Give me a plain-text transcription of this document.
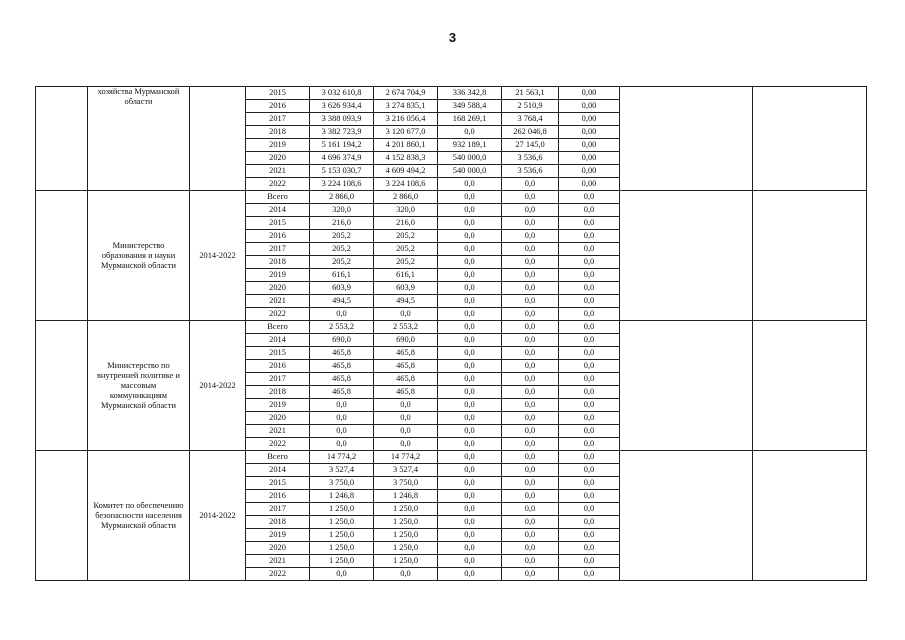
3
	хозяйства Мурманской области		2015	3 032 610,8	2 674 704,9	336 342,8	21 563,1	0,00		
			2016	3 626 934,4	3 274 835,1	349 588,4	2 510,9	0,00		
			2017	3 388 093,9	3 216 056,4	168 269,1	3 768,4	0,00		
			2018	3 382 723,9	3 120 677,0	0,0	262 046,8	0,00		
			2019	5 161 194,2	4 201 860,1	932 189,1	27 145,0	0,00		
			2020	4 696 374,9	4 152 838,3	540 000,0	3 536,6	0,00		
			2021	5 153 030,7	4 609 494,2	540 000,0	3 536,6	0,00		
			2022	3 224 108,6	3 224 108,6	0,0	0,0	0,00		
	Министерство образования и науки Мурманской области	2014-2022	Всего	2 866,0	2 866,0	0,0	0,0	0,0		
			2014	320,0	320,0	0,0	0,0	0,0		
			2015	216,0	216,0	0,0	0,0	0,0		
			2016	205,2	205,2	0,0	0,0	0,0		
			2017	205,2	205,2	0,0	0,0	0,0		
			2018	205,2	205,2	0,0	0,0	0,0		
			2019	616,1	616,1	0,0	0,0	0,0		
			2020	603,9	603,9	0,0	0,0	0,0		
			2021	494,5	494,5	0,0	0,0	0,0		
			2022	0,0	0,0	0,0	0,0	0,0		
	Министерство по внутренней политике и массовым коммуникациям Мурманской области	2014-2022	Всего	2 553,2	2 553,2	0,0	0,0	0,0		
			2014	690,0	690,0	0,0	0,0	0,0		
			2015	465,8	465,8	0,0	0,0	0,0		
			2016	465,8	465,8	0,0	0,0	0,0		
			2017	465,8	465,8	0,0	0,0	0,0		
			2018	465,8	465,8	0,0	0,0	0,0		
			2019	0,0	0,0	0,0	0,0	0,0		
			2020	0,0	0,0	0,0	0,0	0,0		
			2021	0,0	0,0	0,0	0,0	0,0		
			2022	0,0	0,0	0,0	0,0	0,0		
	Комитет по обеспечению безопасности населения Мурманской области	2014-2022	Всего	14 774,2	14 774,2	0,0	0,0	0,0		
			2014	3 527,4	3 527,4	0,0	0,0	0,0		
			2015	3 750,0	3 750,0	0,0	0,0	0,0		
			2016	1 246,8	1 246,8	0,0	0,0	0,0		
			2017	1 250,0	1 250,0	0,0	0,0	0,0		
			2018	1 250,0	1 250,0	0,0	0,0	0,0		
			2019	1 250,0	1 250,0	0,0	0,0	0,0		
			2020	1 250,0	1 250,0	0,0	0,0	0,0		
			2021	1 250,0	1 250,0	0,0	0,0	0,0		
			2022	0,0	0,0	0,0	0,0	0,0		
